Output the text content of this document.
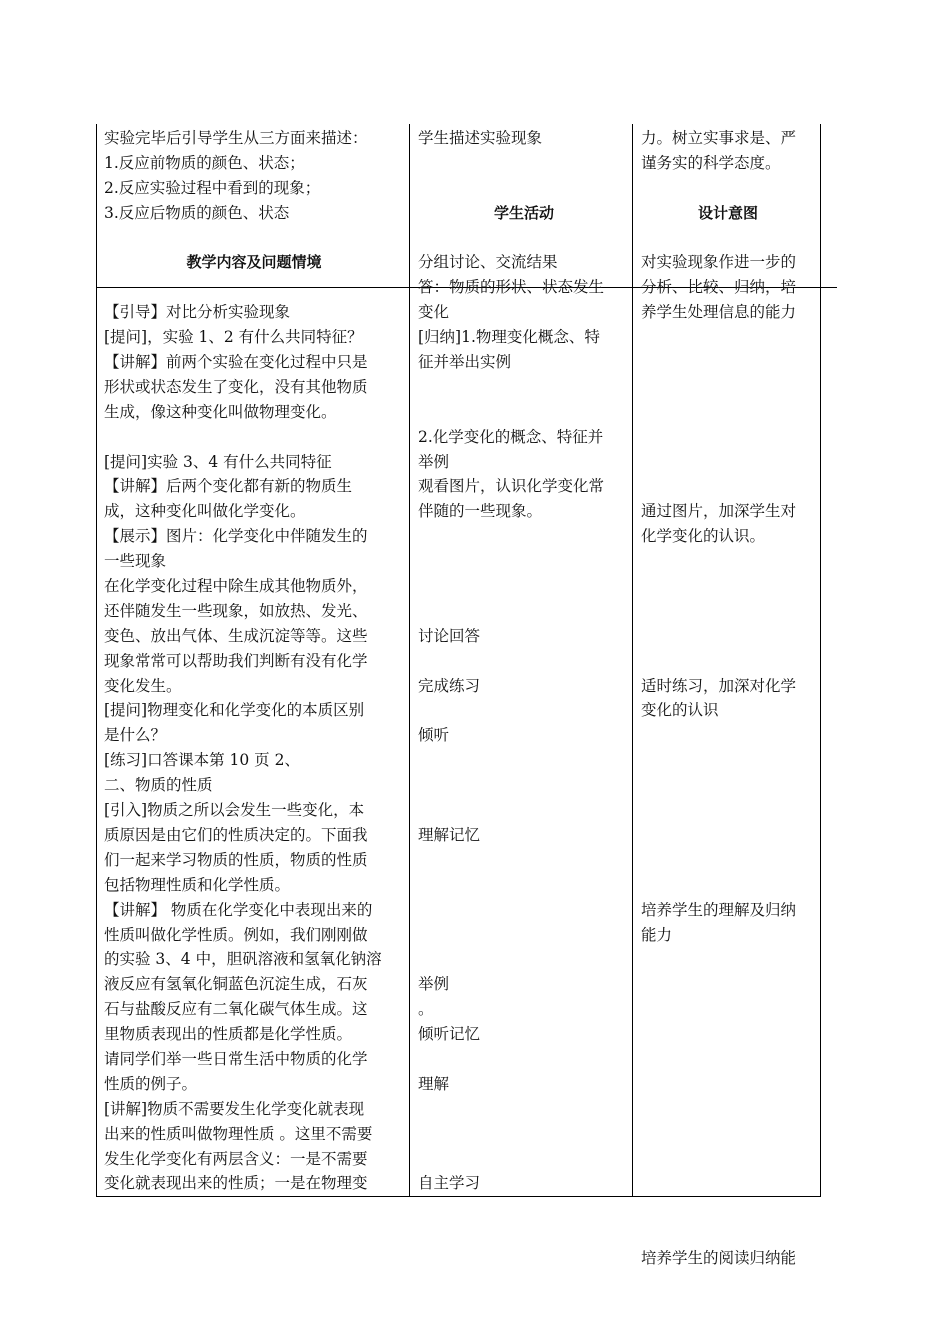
实验完毕后引导学生从三方面来描述：
1.反应前物质的颜色、状态；
2.反应实验过程中看到的现象；
3.反应后物质的颜色、状态
教学内容及问题情境
【引导】对比分析实验现象
[提问]，实验 1、2 有什么共同特征？
【讲解】前两个实验在变化过程中只是
形状或状态发生了变化，没有其他物质
生成，像这种变化叫做物理变化。
[提问]实验 3、4 有什么共同特征
【讲解】后两个变化都有新的物质生
成，这种变化叫做化学变化。
【展示】图片：化学变化中伴随发生的
一些现象
在化学变化过程中除生成其他物质外，
还伴随发生一些现象，如放热、发光、
变色、放出气体、生成沉淀等等。这些
现象常常可以帮助我们判断有没有化学
变化发生。
[提问]物理变化和化学变化的本质区别
是什么？
[练习]口答课本第 10 页 2、
二、物质的性质
[引入]物质之所以会发生一些变化，本
质原因是由它们的性质决定的。下面我
们一起来学习物质的性质，物质的性质
包括物理性质和化学性质。
【讲解】 物质在化学变化中表现出来的
性质叫做化学性质。例如，我们刚刚做
的实验 3、4 中，胆矾溶液和氢氧化钠溶
液反应有氢氧化铜蓝色沉淀生成，石灰
石与盐酸反应有二氧化碳气体生成。这
里物质表现出的性质都是化学性质。
请同学们举一些日常生活中物质的化学
性质的例子。
[讲解]物质不需要发生化学变化就表现
出来的性质叫做物理性质 。这里不需要
发生化学变化有两层含义：一是不需要
变化就表现出来的性质；一是在物理变
学生描述实验现象
学生活动
分组讨论、交流结果
答：物质的形状、状态发生
变化
[归纳]1.物理变化概念、特
征并举出实例
2.化学变化的概念、特征并
举例
观看图片，认识化学变化常
伴随的一些现象。
讨论回答
完成练习
倾听
理解记忆
举例
。
倾听记忆
理解
自主学习
力。树立实事求是、严
谨务实的科学态度。
设计意图
对实验现象作进一步的
分析、比较、归纳，培
养学生处理信息的能力
通过图片，加深学生对
化学变化的认识。
适时练习，加深对化学
变化的认识
培养学生的理解及归纳
能力
培养学生的阅读归纳能
